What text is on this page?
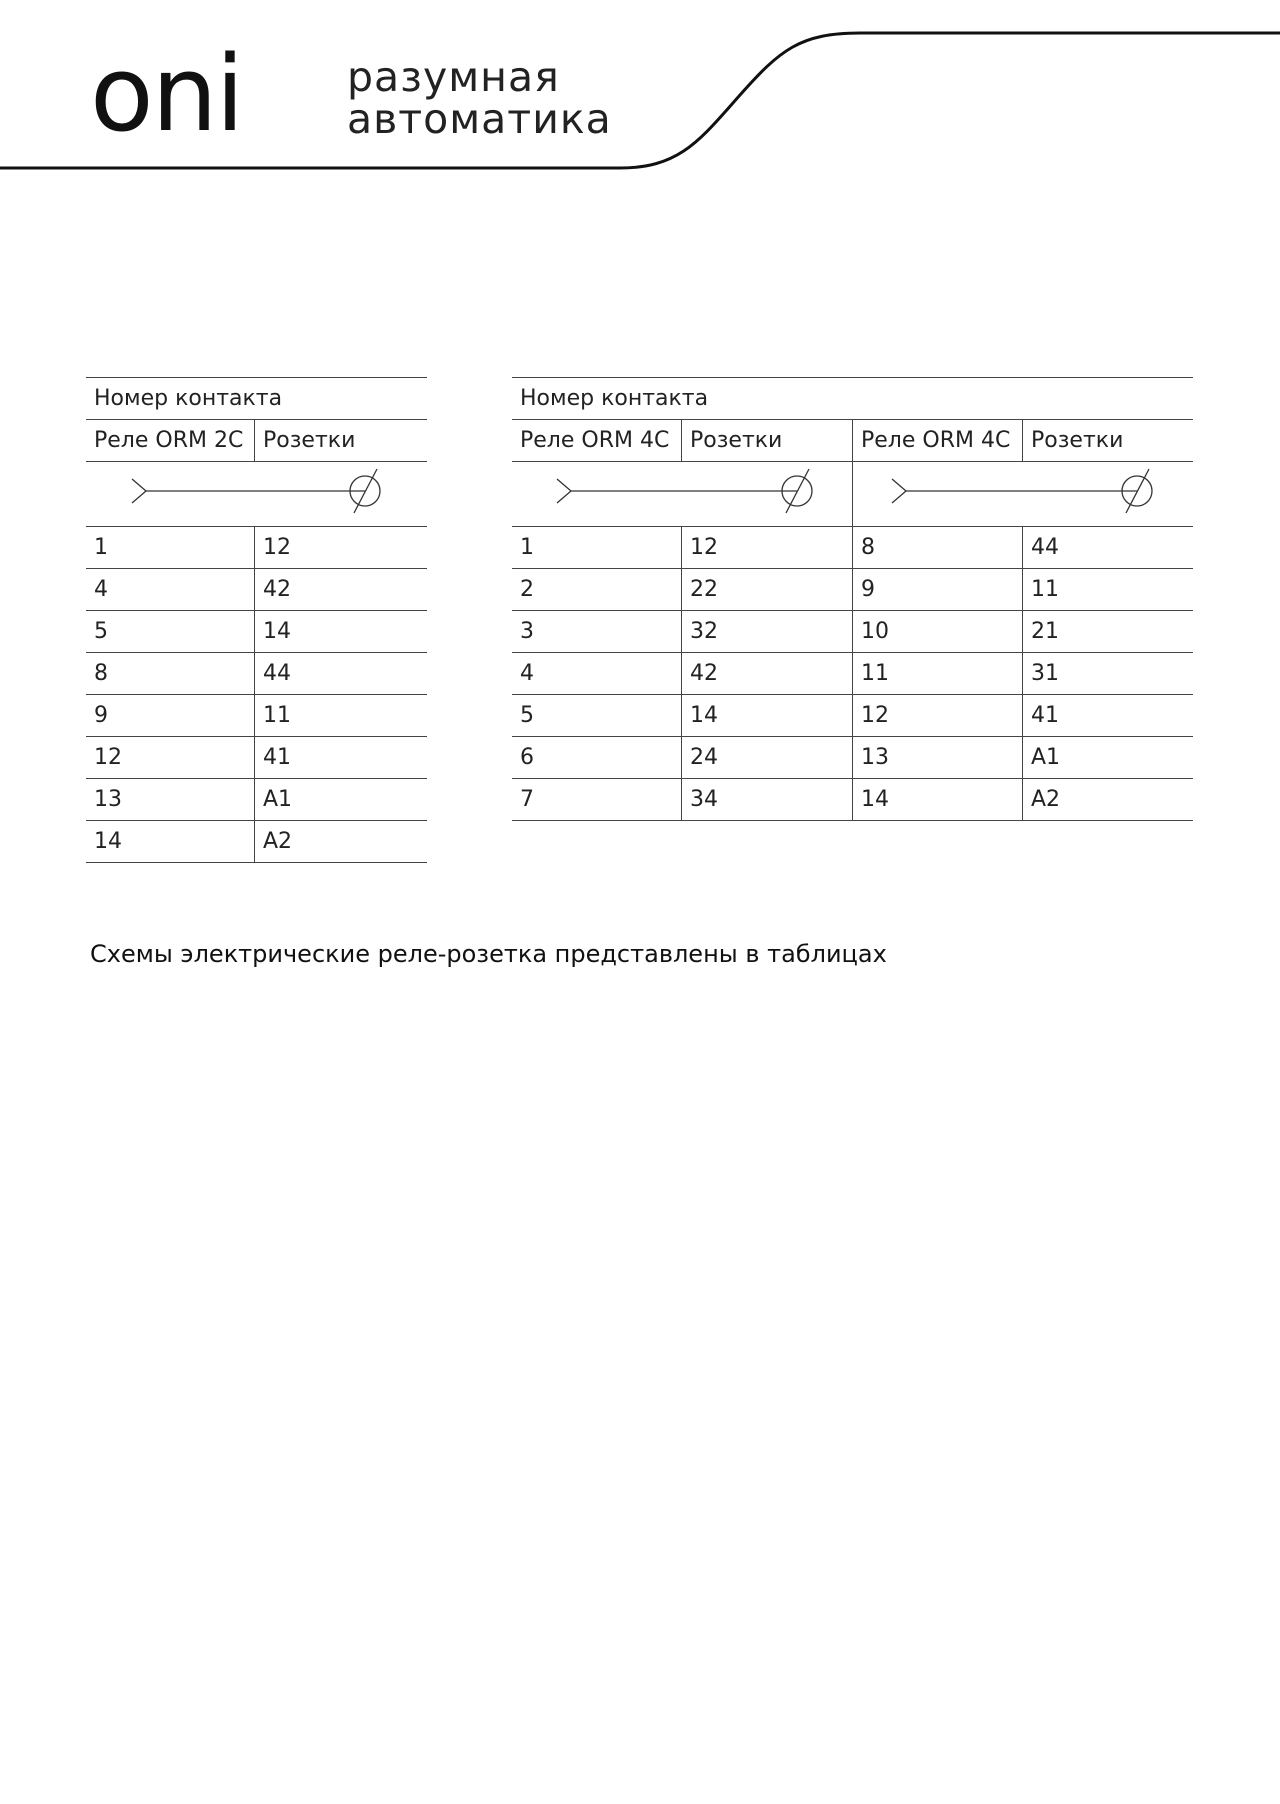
oni	разумная
автоматика
Номер контакта	
Реле ORM 2C	Розетки

1	12
4	42
5	14
8	44
9	11
12	41
13	A1
14	A2
Номер контакта			
Реле ORM 4C	Розетки	Реле ORM 4C	Розетки

1	12	8	44
2	22	9	11
3	32	10	21
4	42	11	31
5	14	12	41
6	24	13	A1
7	34	14	A2
Схемы электрические реле-розетка представлены в таблицах
